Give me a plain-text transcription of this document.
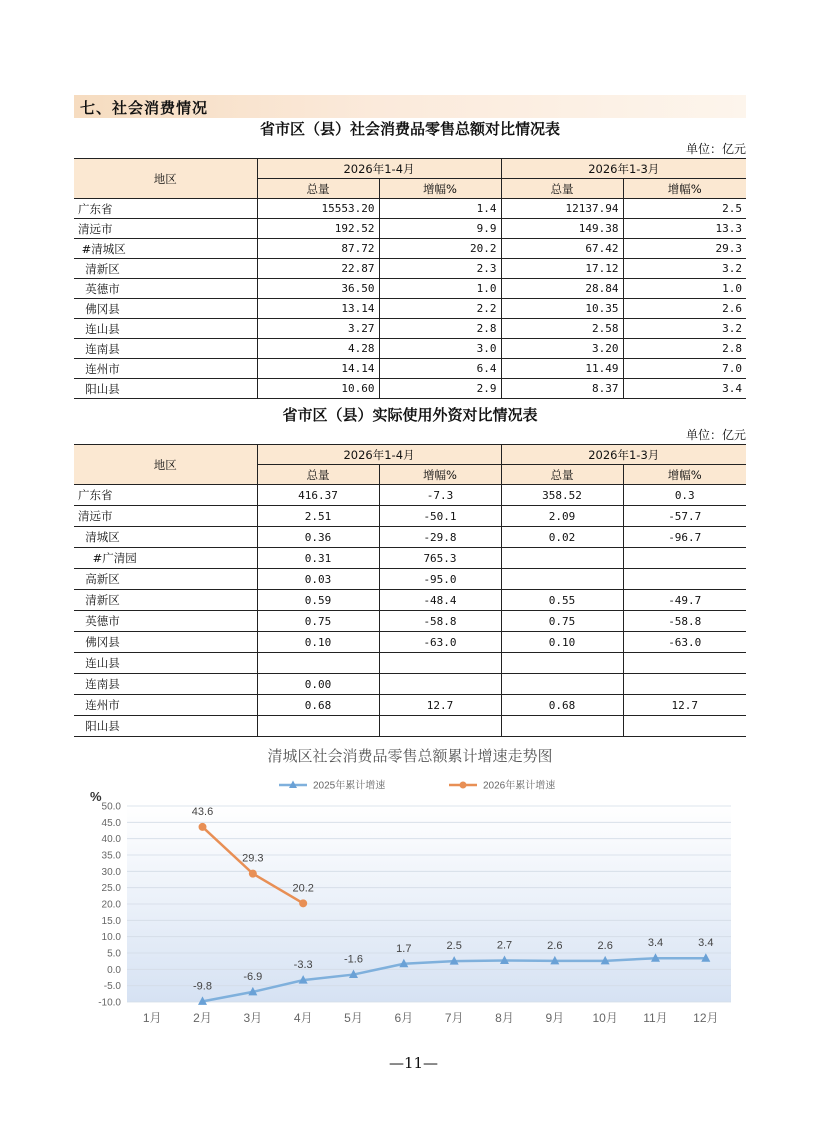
七、社会消费情况
省市区（县）社会消费品零售总额对比情况表
单位：亿元
地区	2026年1-4月		2026年1-3月	
	总量	增幅%	总量	增幅%
广东省	15553.20	1.4	12137.94	2.5
清远市	192.52	9.9	149.38	13.3
#清城区	87.72	20.2	67.42	29.3
清新区	22.87	2.3	17.12	3.2
英德市	36.50	1.0	28.84	1.0
佛冈县	13.14	2.2	10.35	2.6
连山县	3.27	2.8	2.58	3.2
连南县	4.28	3.0	3.20	2.8
连州市	14.14	6.4	11.49	7.0
阳山县	10.60	2.9	8.37	3.4
省市区（县）实际使用外资对比情况表
单位：亿元
地区	2026年1-4月		2026年1-3月	
	总量	增幅%	总量	增幅%
广东省	416.37	-7.3	358.52	0.3
清远市	2.51	-50.1	2.09	-57.7
清城区	0.36	-29.8	0.02	-96.7
#广清园	0.31	765.3		
高新区	0.03	-95.0		
清新区	0.59	-48.4	0.55	-49.7
英德市	0.75	-58.8	0.75	-58.8
佛冈县	0.10	-63.0	0.10	-63.0
连山县				
连南县	0.00			
连州市	0.68	12.7	0.68	12.7
阳山县				
清城区社会消费品零售总额累计增速走势图
50.0
45.0
40.0
35.0
30.0
25.0
20.0
15.0
10.0
5.0
0.0
-5.0
-10.0
1月	2月	3月	4月	5月	6月	7月	8月	9月 10月 11月 12月
-9.8
-6.9
-3.3	-1.6
1.7	2.5	2.7	2.6	2.6	3.4	3.4
43.6
29.3
20.2
2025年累计增速	2026年累计增速
%
—11—
